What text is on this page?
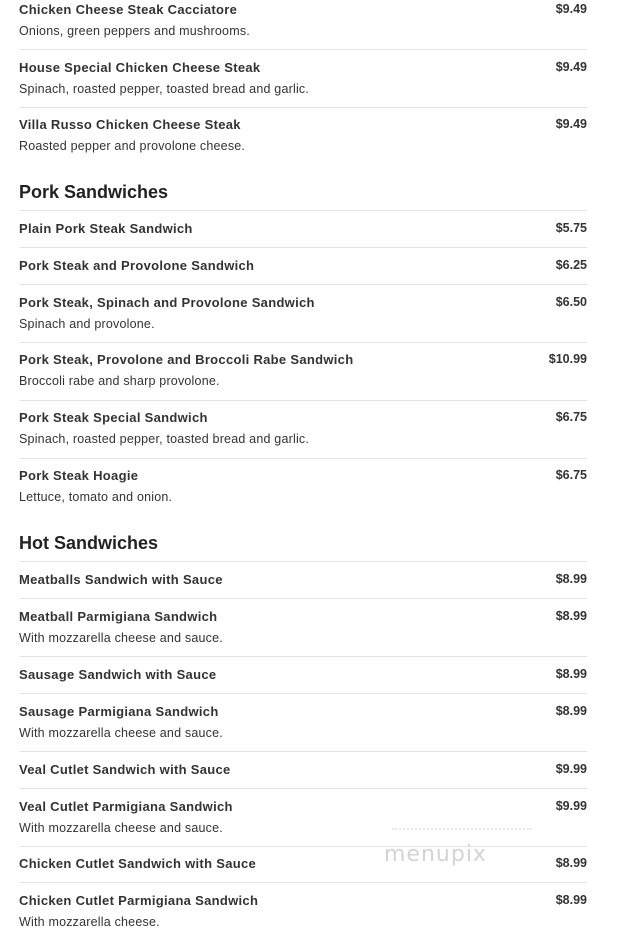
Chicken Cheese Steak Cacciatore	$9.49
Onions, green peppers and mushrooms.
House Special Chicken Cheese Steak	$9.49
Spinach, roasted pepper, toasted bread and garlic.
Villa Russo Chicken Cheese Steak	$9.49
Roasted pepper and provolone cheese.
Pork Sandwiches
Plain Pork Steak Sandwich	$5.75
Pork Steak and Provolone Sandwich	$6.25
Pork Steak, Spinach and Provolone Sandwich	$6.50
Spinach and provolone.
Pork Steak, Provolone and Broccoli Rabe Sandwich	$10.99
Broccoli rabe and sharp provolone.
Pork Steak Special Sandwich	$6.75
Spinach, roasted pepper, toasted bread and garlic.
Pork Steak Hoagie	$6.75
Lettuce, tomato and onion.
Hot Sandwiches
Meatballs Sandwich with Sauce	$8.99
Meatball Parmigiana Sandwich	$8.99
With mozzarella cheese and sauce.
Sausage Sandwich with Sauce	$8.99
Sausage Parmigiana Sandwich	$8.99
With mozzarella cheese and sauce.
Veal Cutlet Sandwich with Sauce	$9.99
Veal Cutlet Parmigiana Sandwich	$9.99
With mozzarella cheese and sauce.
Chicken Cutlet Sandwich with Sauce	$8.99
Chicken Cutlet Parmigiana Sandwich	$8.99
With mozzarella cheese.
menupix
